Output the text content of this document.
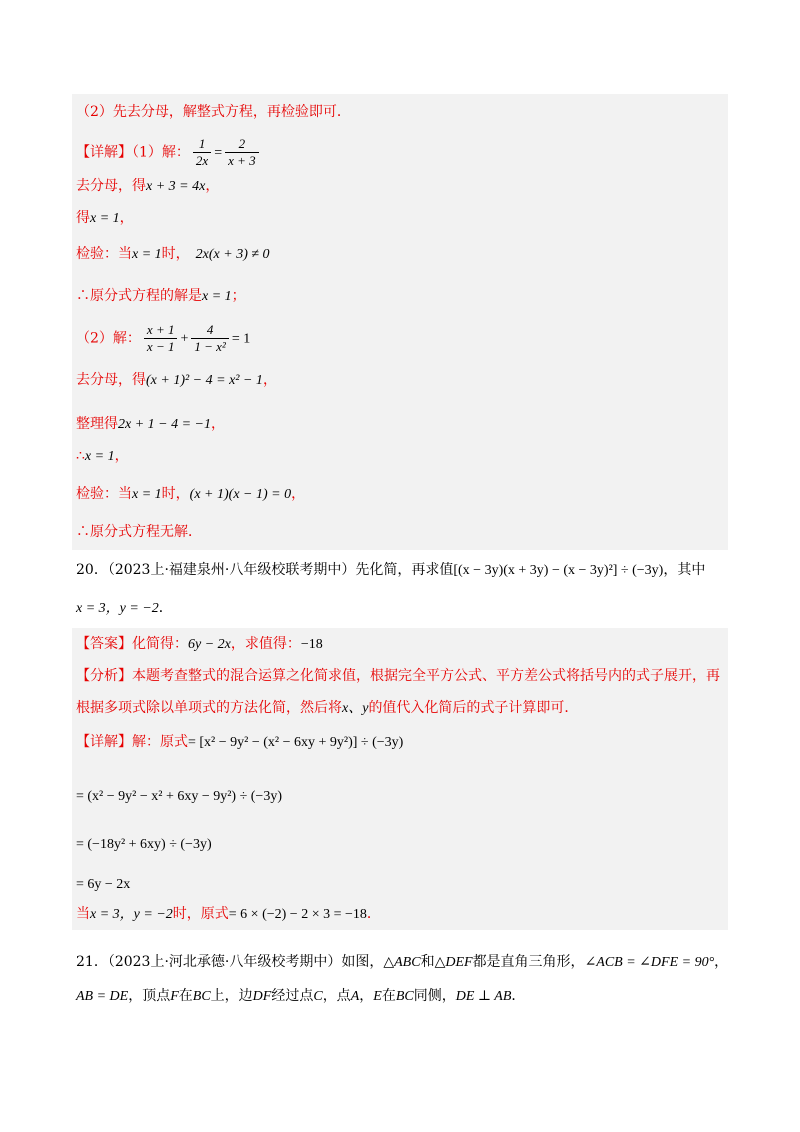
（2）先去分母，解整式方程，再检验即可．
【详解】（1）解： $\frac{1}{2x} = \frac{2}{x + 3}$
去分母，得x + 3 = 4x，
得x = 1，
检验：当x = 1时， 2x(x + 3) ≠ 0
∴原分式方程的解是x = 1；
（2）解： $\frac{x + 1}{x - 1} + \frac{4}{\text{1 − x²}} = 1$
去分母，得(x + 1)² − 4 = x² − 1，
整理得2x + 1 − 4 = −1，
∴x = 1，
检验：当x = 1时，(x + 1)(x − 1) = 0，
∴原分式方程无解．
20．（2023上·福建泉州·八年级校联考期中）先化简，再求值[(x − 3y)(x + 3y) − (x − 3y)²] ÷ (−3y)，其中
x = 3，y = −2．
【答案】化简得：6y − 2x，求值得：−18
【分析】本题考查整式的混合运算之化简求值，根据完全平方公式、平方差公式将括号内的式子展开，再
根据多项式除以单项式的方法化简，然后将x、y的值代入化简后的式子计算即可．
【详解】解：原式= [x² − 9y² − (x² − 6xy + 9y²)] ÷ (−3y)
= (x² − 9y² − x² + 6xy − 9y²) ÷ (−3y)
= (−18y² + 6xy) ÷ (−3y)
= 6y − 2x
当x = 3，y = −2时，原式= 6 × (−2) − 2 × 3 = −18．
21．（2023上·河北承德·八年级校考期中）如图，△ABC和△DEF都是直角三角形，∠ACB = ∠DFE = 90°，
AB = DE，顶点F在BC上，边DF经过点C，点A，E在BC同侧，DE ⊥ AB．
